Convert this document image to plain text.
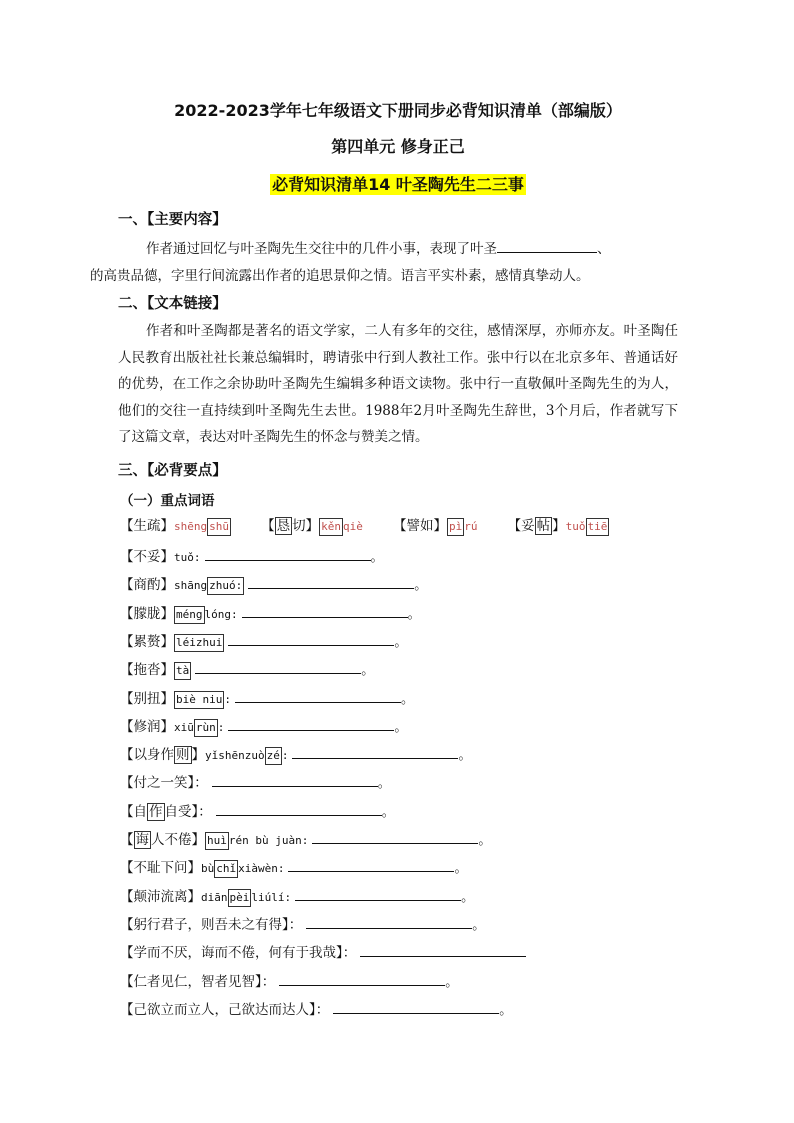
2022-2023学年七年级语文下册同步必背知识清单（部编版）
第四单元 修身正己
必背知识清单14 叶圣陶先生二三事
一、【主要内容】
作者通过回忆与叶圣陶先生交往中的几件小事，表现了叶圣	、
的高贵品德，字里行间流露出作者的追思景仰之情。语言平实朴素，感情真挚动人。
二、【文本链接】
作者和叶圣陶都是著名的语文学家，二人有多年的交往，感情深厚，亦师亦友。叶圣陶任人民教育出版社社长兼总编辑时，聘请张中行到人教社工作。张中行以在北京多年、普通话好的优势，在工作之余协助叶圣陶先生编辑多种语文读物。张中行一直敬佩叶圣陶先生的为人，他们的交往一直持续到叶圣陶先生去世。1988年2月叶圣陶先生辞世，3个月后，作者就写下了这篇文章，表达对叶圣陶先生的怀念与赞美之情。
三、【必背要点】
（一）重点词语
【生疏】shēng shū 【 恳 切】 kěn qiè 【譬如】 pì rú 【妥 帖 】tuǒ tiē
【不妥】tuǒ:	。
【商酌】shāng zhuó:	。
【朦胧】 méng lóng:	。
【累赘】 léizhui	。
【拖沓】 tà	。
【别扭】 biè niu :	。
【修润】xiū rùn :	。
【以身作 则 】yǐshēnzuò zé :	。
【付之一笑】：	。
【自 作 自受】：	。
【 诲 人不倦】 huì rén bù juàn:	。
【不耻下问】bù chǐ xiàwèn:	。
【颠沛流离】diān pèi liúlí:	。
【躬行君子，则吾未之有得】：	。
【学而不厌，诲而不倦，何有于我哉】：
【仁者见仁，智者见智】：	。
【己欲立而立人，己欲达而达人】：	。
